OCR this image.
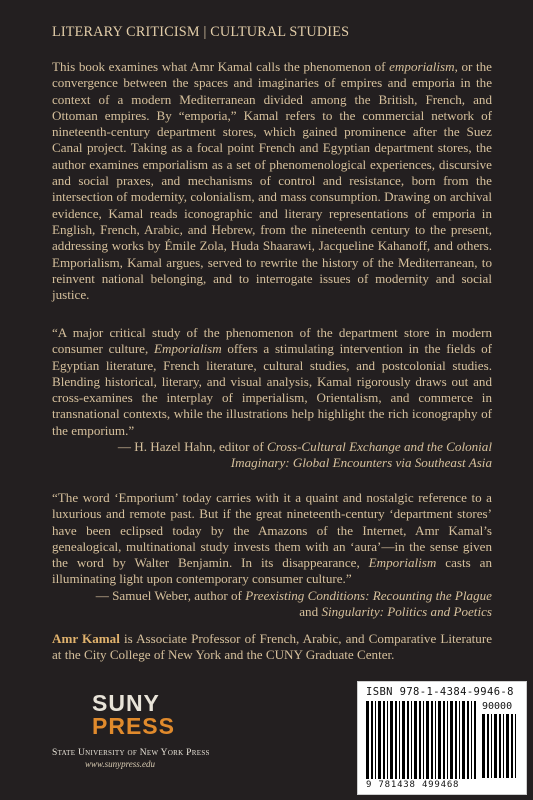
LITERARY CRITICISM | CULTURAL STUDIES
This book examines what Amr Kamal calls the phenomenon of emporialism, or the convergence between the spaces and imaginaries of empires and emporia in the context of a modern Mediterranean divided among the British, French, and Ottoman empires. By “emporia,” Kamal refers to the commercial network of nineteenth-century department stores, which gained prominence after the Suez Canal project. Taking as a focal point French and Egyptian department stores, the author examines emporialism as a set of phenomenological experiences, discursive and social praxes, and mechanisms of control and resistance, born from the intersection of modernity, colonialism, and mass consumption. Drawing on archival evidence, Kamal reads iconographic and literary representations of emporia in English, French, Arabic, and Hebrew, from the nineteenth century to the present, addressing works by Émile Zola, Huda Shaarawi, Jacqueline Kahanoff, and others. Emporialism, Kamal argues, served to rewrite the history of the Mediterranean, to reinvent national belonging, and to interrogate issues of modernity and social justice.
“A major critical study of the phenomenon of the department store in modern consumer culture, Emporialism offers a stimulating intervention in the fields of Egyptian literature, French literature, cultural studies, and postcolonial studies. Blending historical, literary, and visual analysis, Kamal rigorously draws out and cross-examines the interplay of imperialism, Orientalism, and commerce in transnational contexts, while the illustrations help highlight the rich iconography of the emporium.”
— H. Hazel Hahn, editor of Cross-Cultural Exchange and the Colonial Imaginary: Global Encounters via Southeast Asia
“The word ‘Emporium’ today carries with it a quaint and nostalgic reference to a luxurious and remote past. But if the great nineteenth-century ‘department stores’ have been eclipsed today by the Amazons of the Internet, Amr Kamal’s genealogical, multinational study invests them with an ‘aura’—in the sense given the word by Walter Benjamin. In its disappearance, Emporialism casts an illuminating light upon contemporary consumer culture.”
— Samuel Weber, author of Preexisting Conditions: Recounting the Plague and Singularity: Politics and Poetics
Amr Kamal is Associate Professor of French, Arabic, and Comparative Literature at the City College of New York and the CUNY Graduate Center.
SUNY
PRESS
State University of New York Press
www.sunypress.edu
ISBN 978-1-4384-9946-8
90000
9 781438 499468
